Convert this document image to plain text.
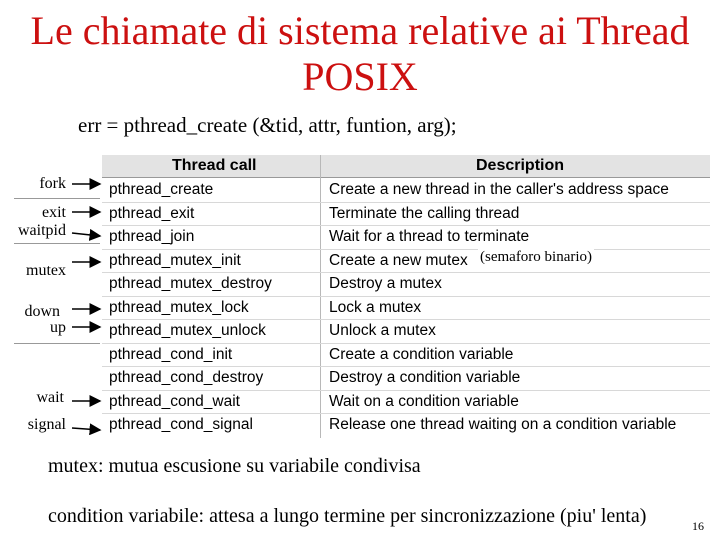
Le chiamate di sistema relative ai Thread POSIX
err = pthread_create (&tid, attr, funtion, arg);
Thread call	Description
pthread_create	Create a new thread in the caller's address space
pthread_exit	Terminate the calling thread
pthread_join	Wait for a thread to terminate
pthread_mutex_init	Create a new mutex
pthread_mutex_destroy	Destroy a mutex
pthread_mutex_lock	Lock a mutex
pthread_mutex_unlock	Unlock a mutex
pthread_cond_init	Create a condition variable
pthread_cond_destroy	Destroy a condition variable
pthread_cond_wait	Wait on a condition variable
pthread_cond_signal	Release one thread waiting on a condition variable
fork
exit
waitpid
mutex
down
up
wait
signal
(semaforo binario)
mutex: mutua escusione su variabile condivisa
condition variabile: attesa a lungo termine per sincronizzazione (piu' lenta)	16
